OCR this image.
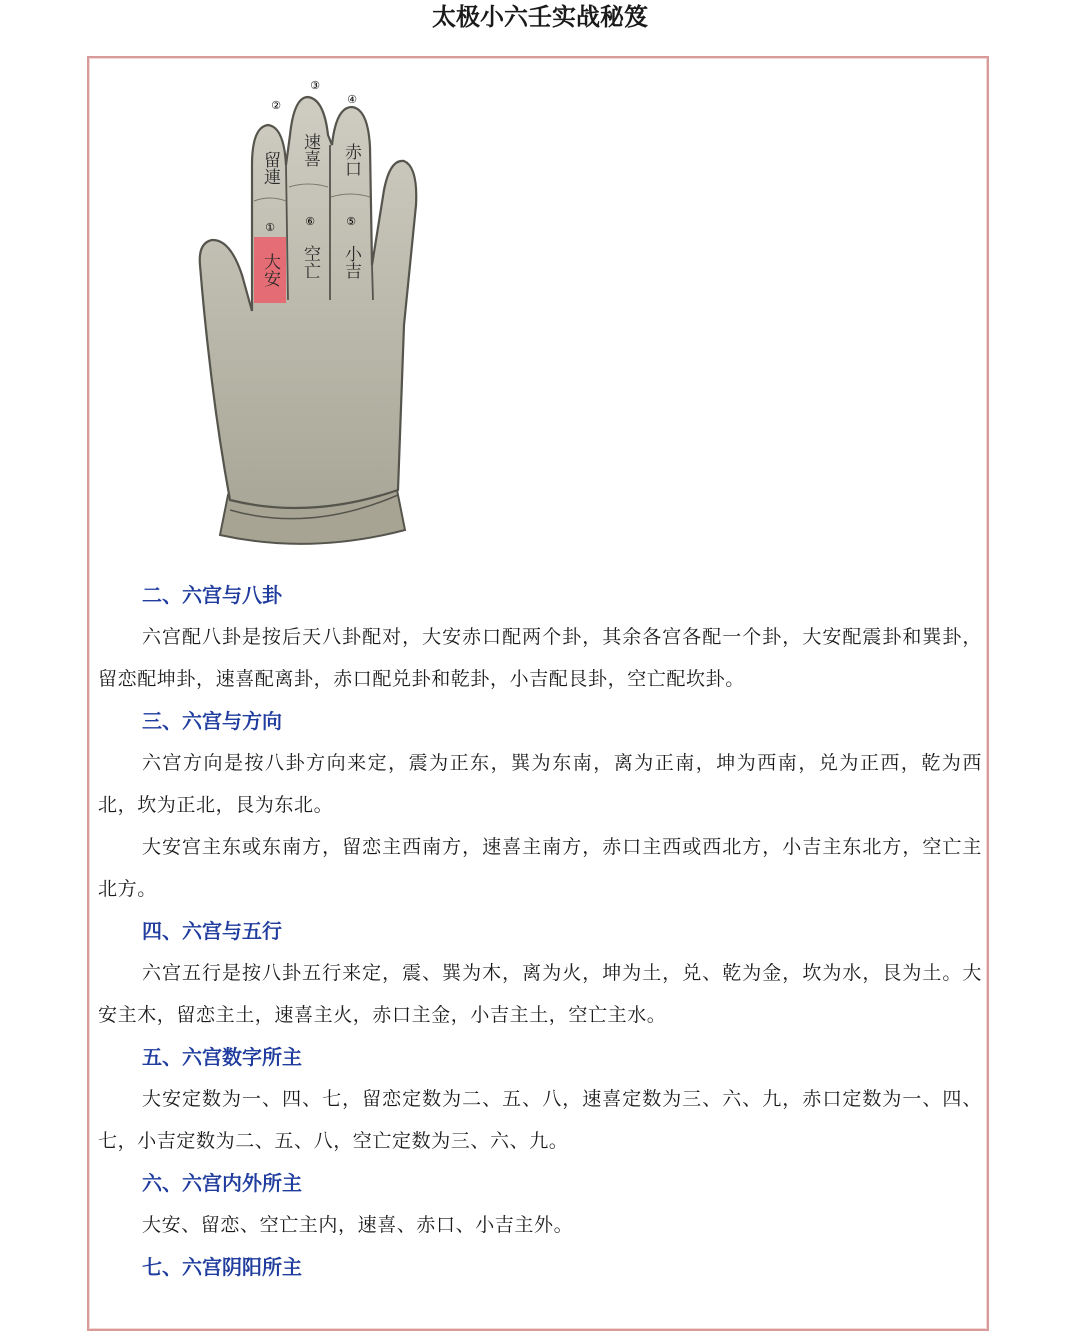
太极小六壬实战秘笈
②
③
④
①
大安
留連
速喜 赤口
⑤
小吉
⑥
空亡
二、六宫与八卦

六宫配八卦是按后天八卦配对，大安赤口配两个卦，其余各宫各配一个卦，大安配震卦和巽卦，留恋配坤卦，速喜配离卦，赤口配兑卦和乾卦，小吉配艮卦，空亡配坎卦。

三、六宫与方向

六宫方向是按八卦方向来定，震为正东，巽为东南，离为正南，坤为西南，兑为正西，乾为西北，坎为正北，艮为东北。

大安宫主东或东南方，留恋主西南方，速喜主南方，赤口主西或西北方，小吉主东北方，空亡主北方。

四、六宫与五行

六宫五行是按八卦五行来定，震、巽为木，离为火，坤为土，兑、乾为金，坎为水，艮为土。大安主木，留恋主土，速喜主火，赤口主金，小吉主土，空亡主水。

五、六宫数字所主

大安定数为一、四、七，留恋定数为二、五、八，速喜定数为三、六、九，赤口定数为一、四、七，小吉定数为二、五、八，空亡定数为三、六、九。

六、六宫内外所主

大安、留恋、空亡主内，速喜、赤口、小吉主外。

七、六宫阴阳所主
